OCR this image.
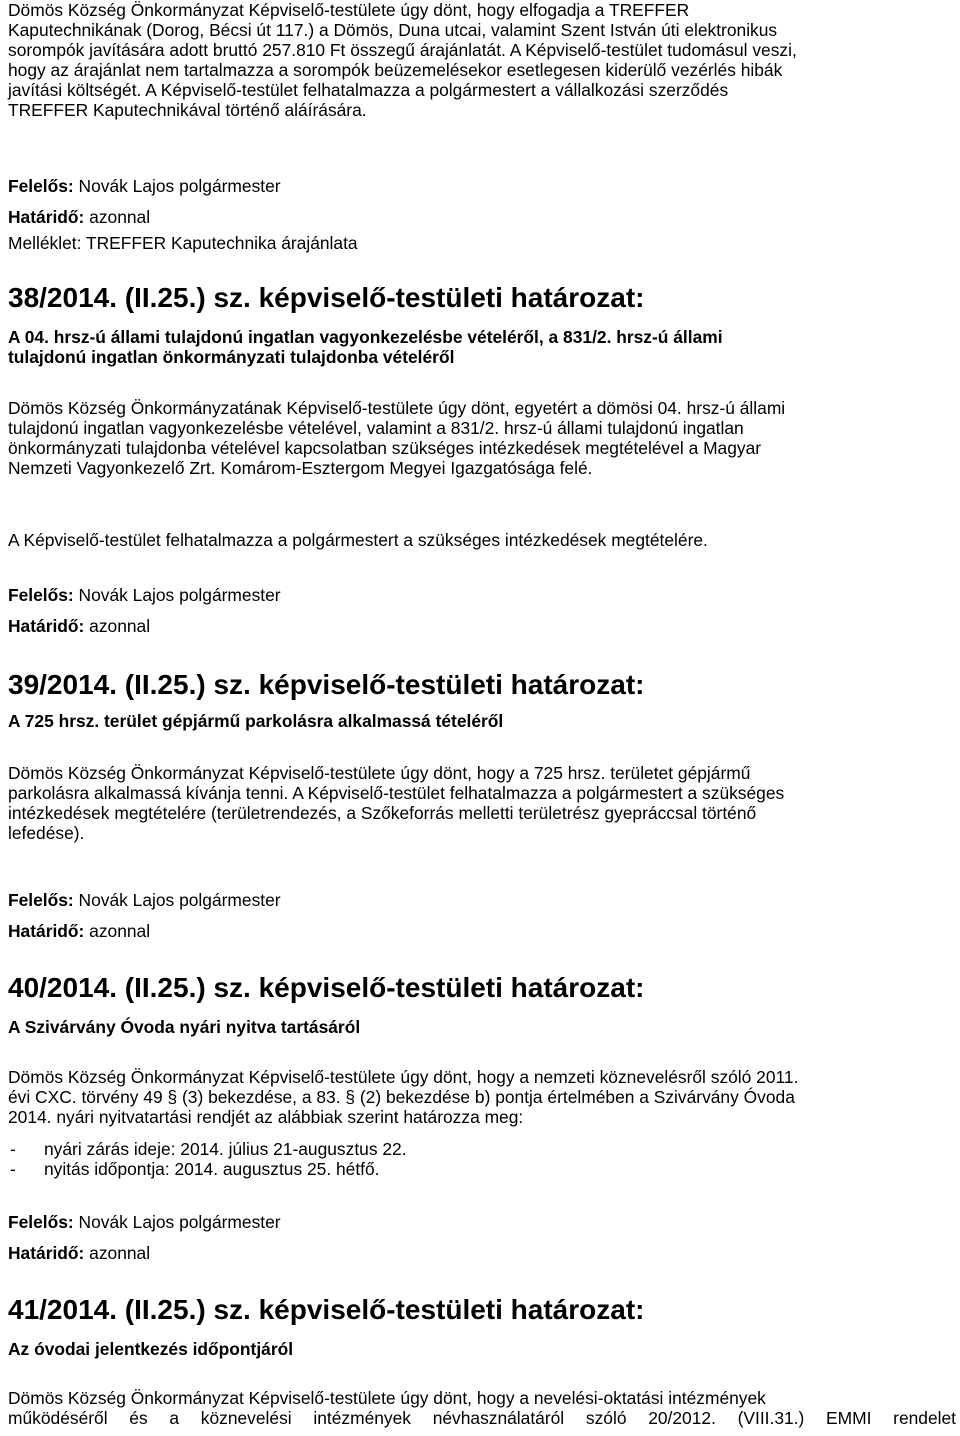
Dömös Község Önkormányzat Képviselő-testülete úgy dönt, hogy elfogadja a TREFFER

Kaputechnikának (Dorog, Bécsi út 117.) a Dömös, Duna utcai, valamint Szent István úti elektronikus

sorompók javítására adott bruttó 257.810 Ft összegű árajánlatát. A Képviselő-testület tudomásul veszi,

hogy az árajánlat nem tartalmazza a sorompók beüzemelésekor esetlegesen kiderülő vezérlés hibák

javítási költségét. A Képviselő-testület felhatalmazza a polgármestert a vállalkozási szerződés

TREFFER Kaputechnikával történő aláírására.

Felelős: Novák Lajos polgármester

Határidő: azonnal

Melléklet: TREFFER Kaputechnika árajánlata

38/2014. (II.25.) sz. képviselő-testületi határozat:

A 04. hrsz-ú állami tulajdonú ingatlan vagyonkezelésbe vételéről, a 831/2. hrsz-ú állami

tulajdonú ingatlan önkormányzati tulajdonba vételéről

Dömös Község Önkormányzatának Képviselő-testülete úgy dönt, egyetért a dömösi 04. hrsz-ú állami

tulajdonú ingatlan vagyonkezelésbe vételével, valamint a 831/2. hrsz-ú állami tulajdonú ingatlan

önkormányzati tulajdonba vételével kapcsolatban szükséges intézkedések megtételével a Magyar

Nemzeti Vagyonkezelő Zrt. Komárom-Esztergom Megyei Igazgatósága felé.

A Képviselő-testület felhatalmazza a polgármestert a szükséges intézkedések megtételére.

Felelős: Novák Lajos polgármester

Határidő: azonnal

39/2014. (II.25.) sz. képviselő-testületi határozat:

A 725 hrsz. terület gépjármű parkolásra alkalmassá tételéről

Dömös Község Önkormányzat Képviselő-testülete úgy dönt, hogy a 725 hrsz. területet gépjármű

parkolásra alkalmassá kívánja tenni. A Képviselő-testület felhatalmazza a polgármestert a szükséges

intézkedések megtételére (területrendezés, a Szőkeforrás melletti területrész gyepráccsal történő

lefedése).

Felelős: Novák Lajos polgármester

Határidő: azonnal

40/2014. (II.25.) sz. képviselő-testületi határozat:

A Szivárvány Óvoda nyári nyitva tartásáról

Dömös Község Önkormányzat Képviselő-testülete úgy dönt, hogy a nemzeti köznevelésről szóló 2011.

évi CXC. törvény 49 § (3) bekezdése, a 83. § (2) bekezdése b) pontja értelmében a Szivárvány Óvoda

2014. nyári nyitvatartási rendjét az alábbiak szerint határozza meg:

- nyári zárás ideje: 2014. július 21-augusztus 22.
- nyitás időpontja: 2014. augusztus 25. hétfő.

Felelős: Novák Lajos polgármester

Határidő: azonnal

41/2014. (II.25.) sz. képviselő-testületi határozat:

Az óvodai jelentkezés időpontjáról

Dömös Község Önkormányzat Képviselő-testülete úgy dönt, hogy a nevelési-oktatási intézmények

működéséről és a köznevelési intézmények névhasználatáról szóló 20/2012. (VIII.31.) EMMI rendelet
